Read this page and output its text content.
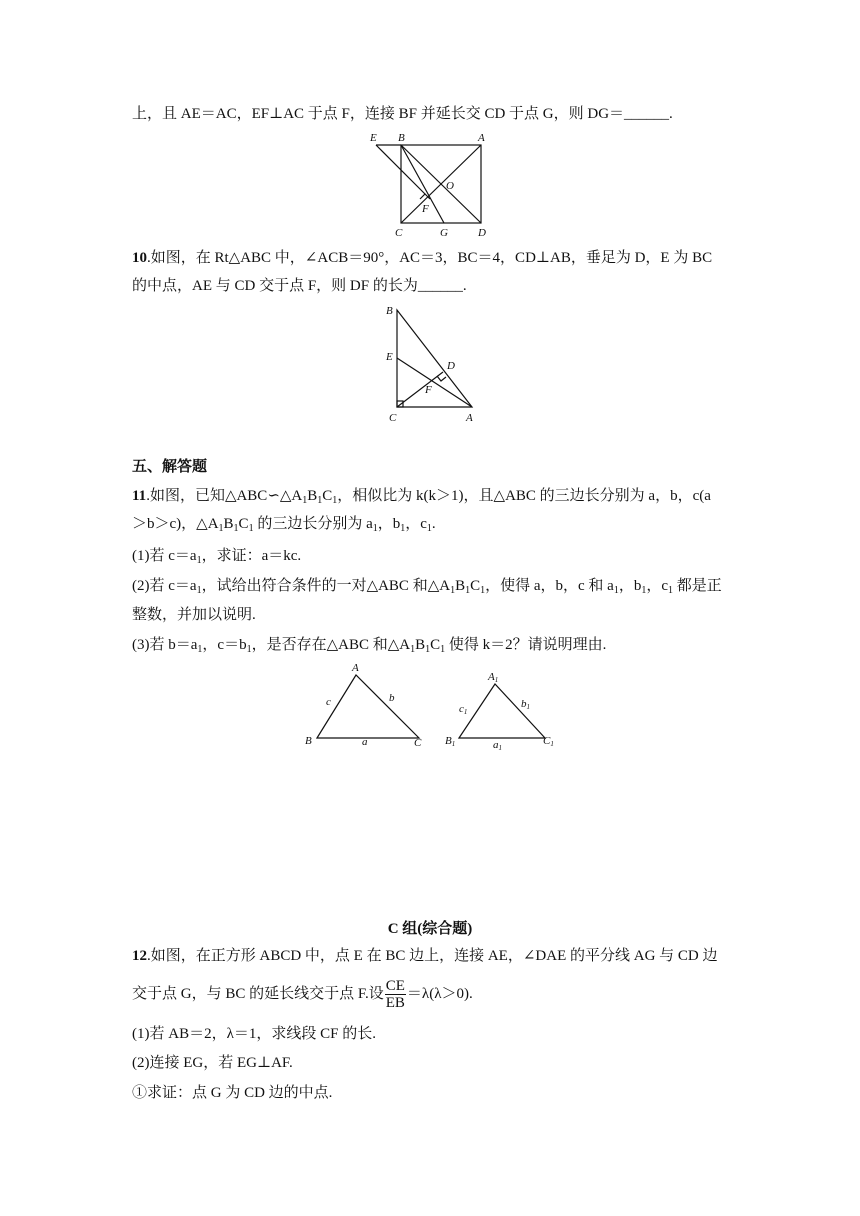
上，且 AE＝AC，EF⊥AC 于点 F，连接 BF 并延长交 CD 于点 G，则 DG＝______.
E B	A
O
F
C	G	D
10.如图，在 Rt△ABC 中，∠ACB＝90°，AC＝3，BC＝4，CD⊥AB，垂足为 D，E 为 BC
的中点，AE 与 CD 交于点 F，则 DF 的长为______.
B
E
D
F
C	A
五、解答题
11.如图，已知$\triangle ABC∽\triangle A_1B_1C_1$，相似比为 k(k＞1)，且△ABC 的三边长分别为 a，b，c(a
＞b＞c)，$\triangle A_1B_1C_1$ 的三边长分别为 $a_1$，$b_1$，$c_1$.
(1)若 $c=a_1$，求证：a＝kc.
(2)若 $c=a_1$，试给出符合条件的一对△ABC 和$\triangle A_1B_1C_1$，使得 a，b，c 和 $a_1$，$b_1$，$c_1$ 都是正
整数，并加以说明.
(3)若 $b=a_1$，$c=b_1$，是否存在△ABC 和$\triangle A_1B_1C_1$ 使得 k＝2？请说明理由.
A
B	C
c	b
a
A1
B1	C1
c1
b1
a1
C 组(综合题)
12.如图，在正方形 ABCD 中，点 E 在 BC 边上，连接 AE，∠DAE 的平分线 AG 与 CD 边
交于点 G，与 BC 的延长线交于点 F.设 $\frac{CE}{EB} =\lambda(\lambda>0)$.
(1)若 AB＝2，λ＝1，求线段 CF 的长.
(2)连接 EG，若 EG⊥AF.
①求证：点 G 为 CD 边的中点.
